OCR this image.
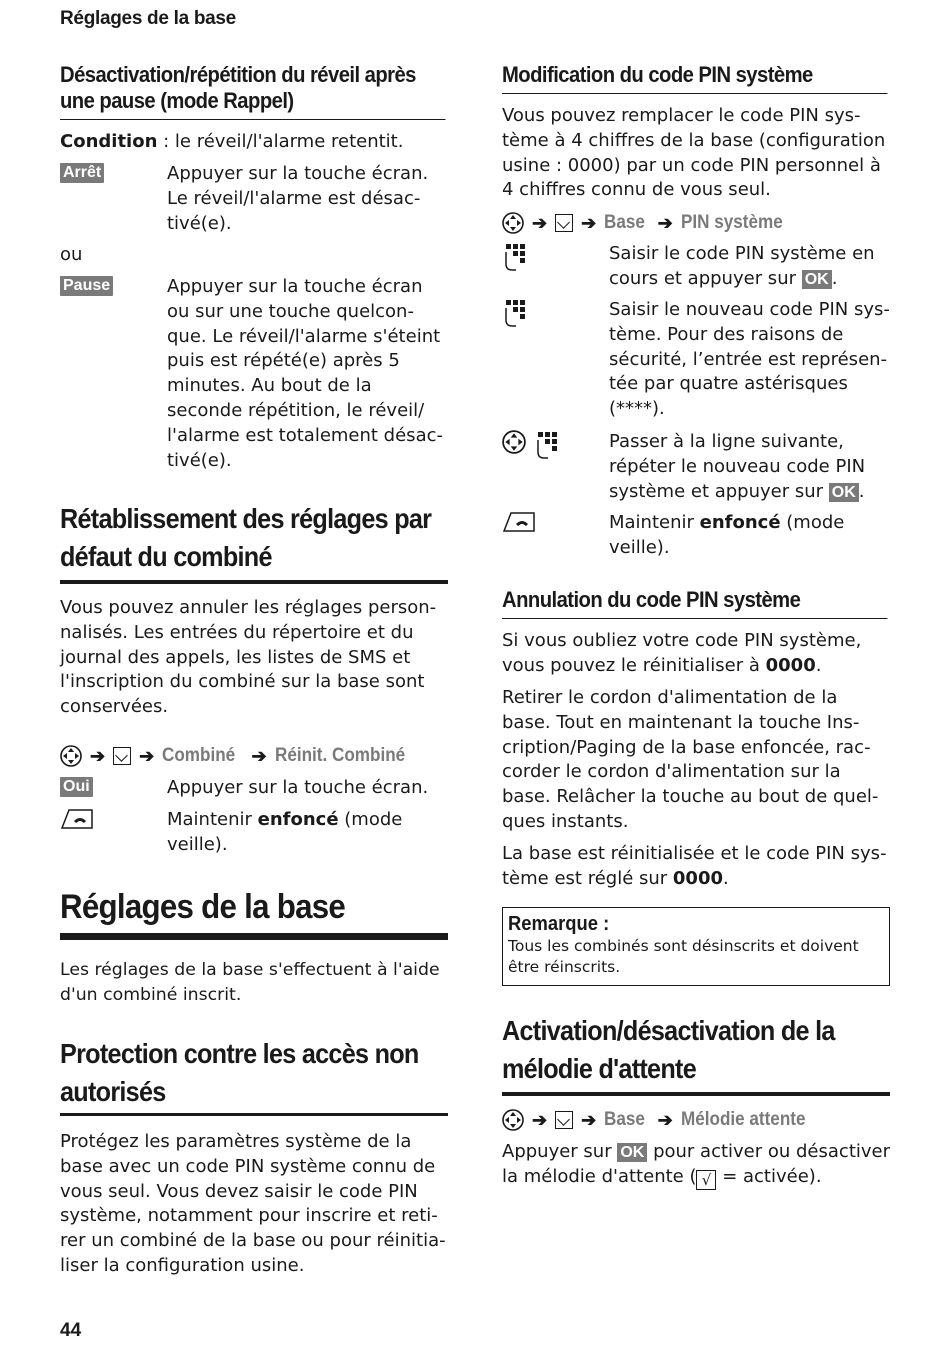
Réglages de la base
Désactivation/répétition du réveil après une pause (mode Rappel)
Condition : le réveil/l'alarme retentit.
Arrêt	Appuyer sur la touche écran. Le réveil/l'alarme est désac-tivé(e).
ou
Pause	Appuyer sur la touche écran ou sur une touche quelcon-que. Le réveil/l'alarme s'éteint puis est répété(e) après 5 minutes. Au bout de la seconde répétition, le réveil/ l'alarme est totalement désac-tivé(e).
Rétablissement des réglages par défaut du combiné
Vous pouvez annuler les réglages person-nalisés. Les entrées du répertoire et du journal des appels, les listes de SMS et l'inscription du combiné sur la base sont conservées.
➔ ➔ Combiné ➔ Réinit. Combiné
Oui	Appuyer sur la touche écran.
Maintenir enfoncé (mode veille).
Réglages de la base
Les réglages de la base s'effectuent à l'aide d'un combiné inscrit.
Protection contre les accès non autorisés
Protégez les paramètres système de la base avec un code PIN système connu de vous seul. Vous devez saisir le code PIN système, notamment pour inscrire et reti-rer un combiné de la base ou pour réinitia-liser la configuration usine.
Modification du code PIN système
Vous pouvez remplacer le code PIN sys-tème à 4 chiffres de la base (configuration usine : 0000) par un code PIN personnel à 4 chiffres connu de vous seul.
➔ ➔ Base ➔ PIN système
Saisir le code PIN système en cours et appuyer sur OK .
Saisir le nouveau code PIN sys-tème. Pour des raisons de sécurité, l’entrée est représen-tée par quatre astérisques (****).
Passer à la ligne suivante, répéter le nouveau code PIN système et appuyer sur OK .
Maintenir enfoncé (mode veille).
Annulation du code PIN système
Si vous oubliez votre code PIN système, vous pouvez le réinitialiser à 0000.
Retirer le cordon d'alimentation de la base. Tout en maintenant la touche Ins-cription/Paging de la base enfoncée, rac-corder le cordon d'alimentation sur la base. Relâcher la touche au bout de quel-ques instants.
La base est réinitialisée et le code PIN sys-tème est réglé sur 0000.
Remarque :
Tous les combinés sont désinscrits et doivent être réinscrits.
Activation/désactivation de la mélodie d'attente
➔ ➔ Base ➔ Mélodie attente
Appuyer sur OK pour activer ou désactiver la mélodie d'attente ( √ = activée).
44
